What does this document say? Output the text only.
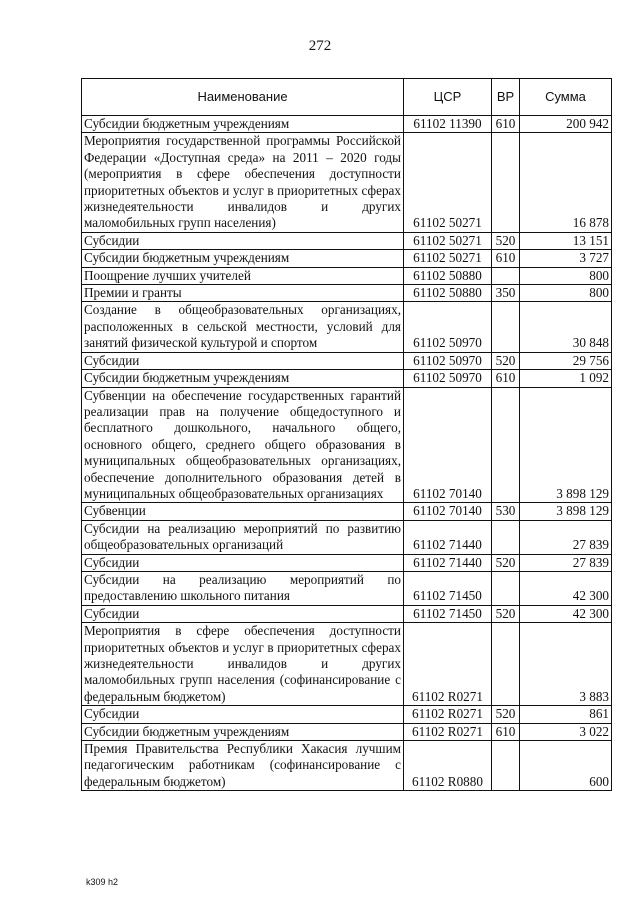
272
Наименование	ЦСР	ВР	Сумма
Субсидии бюджетным учреждениям	61102 11390	610	200 942
Мероприятия государственной программы Российской Федерации «Доступная среда» на 2011 – 2020 годы (мероприятия в сфере обеспечения доступности приоритетных объектов и услуг в приоритетных сферах жизнедеятельности инвалидов и других маломобильных групп населения)	61102 50271		16 878
Субсидии	61102 50271	520	13 151
Субсидии бюджетным учреждениям	61102 50271	610	3 727
Поощрение лучших учителей	61102 50880		800
Премии и гранты	61102 50880	350	800
Создание в общеобразовательных организациях, расположенных в сельской местности, условий для занятий физической культурой и спортом	61102 50970		30 848
Субсидии	61102 50970	520	29 756
Субсидии бюджетным учреждениям	61102 50970	610	1 092
Субвенции на обеспечение государственных гарантий реализации прав на получение общедоступного и бесплатного дошкольного, начального общего, основного общего, среднего общего образования в муниципальных общеобразовательных организациях, обеспечение дополнительного образования детей в муниципальных общеобразовательных организациях	61102 70140		3 898 129
Субвенции	61102 70140	530	3 898 129
Субсидии на реализацию мероприятий по развитию общеобразовательных организаций	61102 71440		27 839
Субсидии	61102 71440	520	27 839
Субсидии на реализацию мероприятий по предоставлению школьного питания	61102 71450		42 300
Субсидии	61102 71450	520	42 300
Мероприятия в сфере обеспечения доступности приоритетных объектов и услуг в приоритетных сферах жизнедеятельности инвалидов и других маломобильных групп населения (софинансирование с федеральным бюджетом)	61102 R0271		3 883
Субсидии	61102 R0271	520	861
Субсидии бюджетным учреждениям	61102 R0271	610	3 022
Премия Правительства Республики Хакасия лучшим педагогическим работникам (софинансирование с федеральным бюджетом)	61102 R0880		600
k309 h2
